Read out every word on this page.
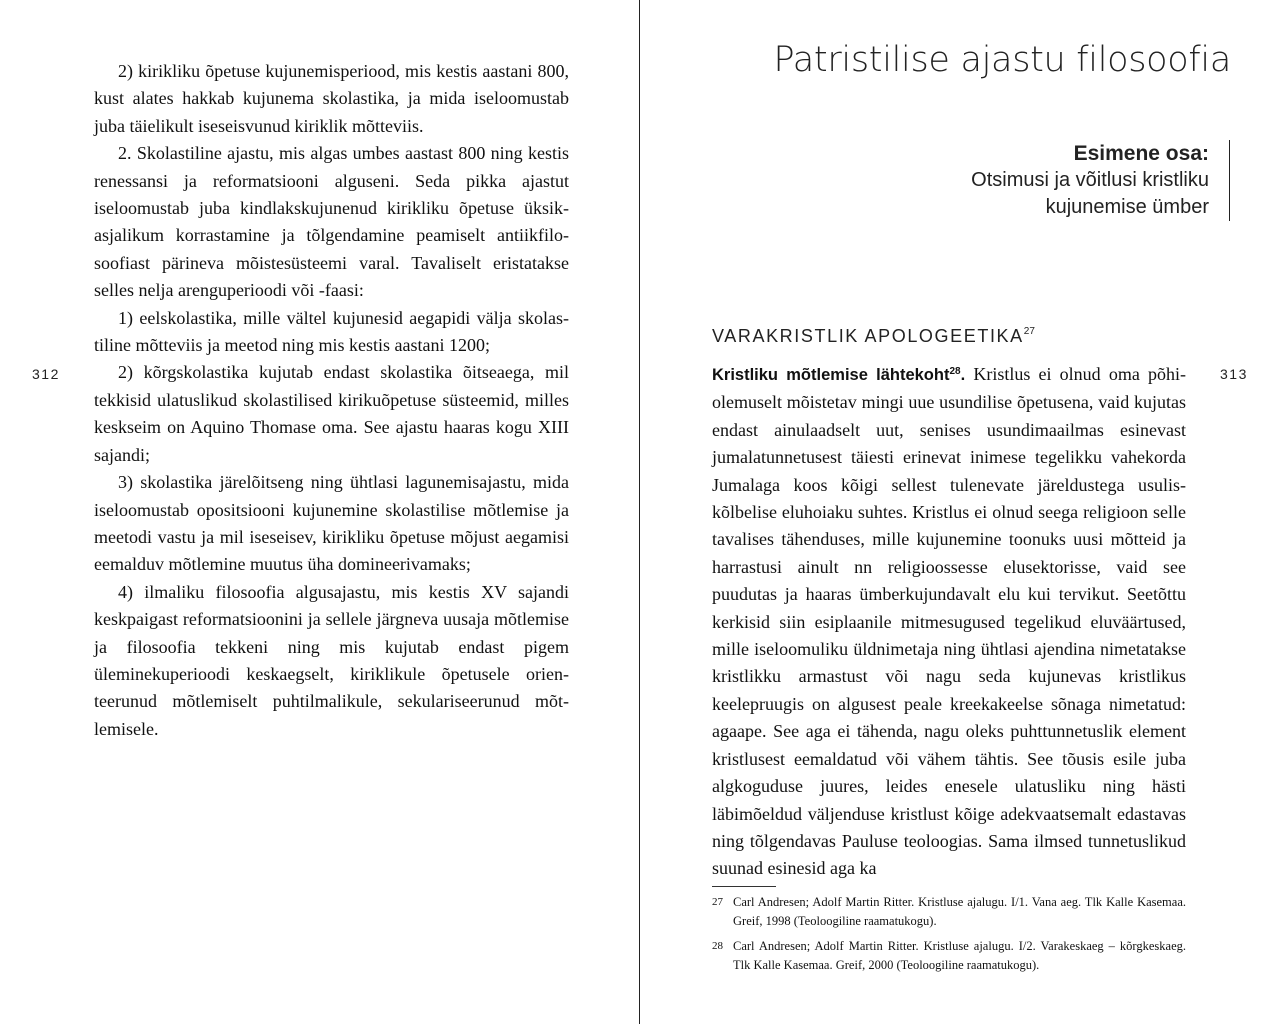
312

2) kirikliku õpetuse kujunemisperiood, mis kestis aastani 800, kust alates hakkab kujunema skolastika, ja mida iseloomustab juba täielikult iseseisvunud kiriklik mõtteviis.

2. Skolastiline ajastu, mis algas umbes aastast 800 ning kestis renessansi ja reformatsiooni alguseni. Seda pikka ajastut iseloomustab juba kindlakskujunenud kirikliku õpetuse üksikasjalikum korrastamine ja tõlgendamine peamiselt antiikfilosoofiast pärineva mõistesüsteemi varal. Tavaliselt eristatakse selles nelja arenguperioodi või -faasi:

1) eelskolastika, mille vältel kujunesid aegapidi välja skolastiline mõtteviis ja meetod ning mis kestis aastani 1200;

2) kõrgskolastika kujutab endast skolastika õitseaega, mil tekkisid ulatuslikud skolastilised kirikuõpetuse süsteemid, milles keskseim on Aquino Thomase oma. See ajastu haaras kogu XIII sajandi;

3) skolastika järelõitseng ning ühtlasi lagunemisajastu, mida iseloomustab opositsiooni kujunemine skolastilise mõtlemise ja meetodi vastu ja mil iseseisev, kirikliku õpetuse mõjust aegamisi eemalduv mõtlemine muutus üha domineerivamaks;

4) ilmaliku filosoofia algusajastu, mis kestis XV sajandi keskpaigast reformatsioonini ja sellele järgneva uusaja mõtlemise ja filosoofia tekkeni ning mis kujutab endast pigem üleminekuperioodi keskaegselt, kiriklikule õpetusele orienteerunud mõtlemiselt puhtilmalikule, sekulariseerunud mõtlemisele.

Patristilise ajastu filosoofia
Esimene osa:
Otsimusi ja võitlusi kristliku
kujunemise ümber
VARAKRISTLIK APOLOGEETIKA$^{27}$
313

Kristliku mõtlemise lähtekoht$^{28}$. Kristlus ei olnud oma põhiolemuselt mõistetav mingi uue usundilise õpetusena, vaid kujutas endast ainulaadselt uut, senises usundimaailmas esinevast jumalatunnetusest täiesti erinevat inimese tegelikku vahekorda Jumalaga koos kõigi sellest tulenevate järeldustega usulis-kõlbelise eluhoiaku suhtes. Kristlus ei olnud seega religioon selle tavalises tähenduses, mille kujunemine toonuks uusi mõtteid ja harrastusi ainult nn religioossesse elusektorisse, vaid see puudutas ja haaras ümberkujundavalt elu kui tervikut. Seetõttu kerkisid siin esiplaanile mitmesugused tegelikud eluväärtused, mille iseloomuliku üldnimetaja ning ühtlasi ajendina nimetatakse kristlikku armastust või nagu seda kujunevas kristlikus keelepruugis on algusest peale kreekakeelse sõnaga nimetatud: agaape. See aga ei tähenda, nagu oleks puhttunnetuslik element kristlusest eemaldatud või vähem tähtis. See tõusis esile juba algkoguduse juures, leides enesele ulatusliku ning hästi läbimõeldud väljenduse kristlust kõige adekvaatsemalt edastavas ning tõlgendavas Pauluse teoloogias. Sama ilmsed tunnetuslikud suunad esinesid aga ka

27 Carl Andresen; Adolf Martin Ritter. Kristluse ajalugu. I/1. Vana aeg. Tlk Kalle Kasemaa. Greif, 1998 (Teoloogiline raamatukogu).
28 Carl Andresen; Adolf Martin Ritter. Kristluse ajalugu. I/2. Varakeskaeg – kõrgkeskaeg. Tlk Kalle Kasemaa. Greif, 2000 (Teoloogiline raamatukogu).
